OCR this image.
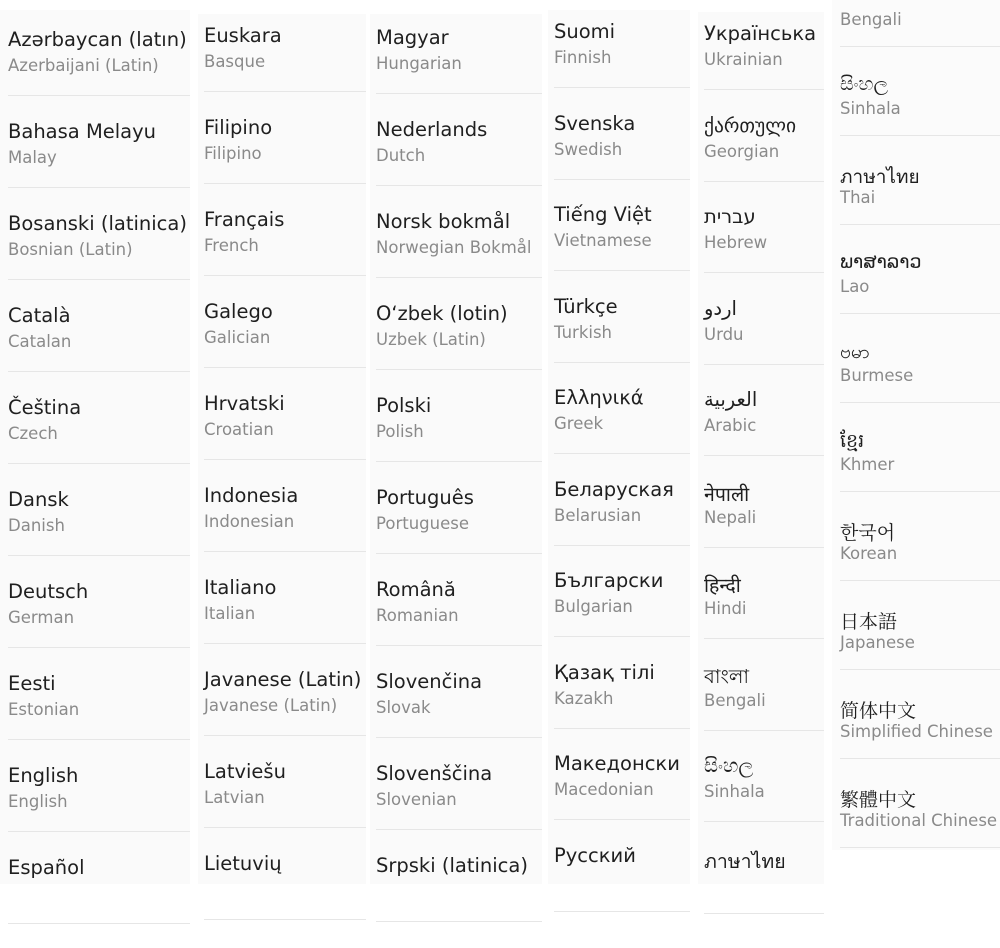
Azərbaycan (latın)
Azerbaijani (Latin)
Bahasa Melayu
Malay
Bosanski (latinica)
Bosnian (Latin)
Català
Catalan
Čeština
Czech
Dansk
Danish
Deutsch
German
Eesti
Estonian
English
English
Español
Euskara
Basque
Filipino
Filipino
Français
French
Galego
Galician
Hrvatski
Croatian
Indonesia
Indonesian
Italiano
Italian
Javanese (Latin)
Javanese (Latin)
Latviešu
Latvian
Lietuvių
Magyar
Hungarian
Nederlands
Dutch
Norsk bokmål
Norwegian Bokmål
O‘zbek (lotin)
Uzbek (Latin)
Polski
Polish
Português
Portuguese
Română
Romanian
Slovenčina
Slovak
Slovenščina
Slovenian
Srpski (latinica)
Suomi
Finnish
Svenska
Swedish
Tiếng Việt
Vietnamese
Türkçe
Turkish
Ελληνικά
Greek
Беларуская
Belarusian
Български
Bulgarian
Қазақ тілі
Kazakh
Македонски
Macedonian
Русский
Українська
Ukrainian
ქართული
Georgian
עברית
Hebrew
اردو
Urdu
العربية
Arabic
नेपाली
Nepali
हिन्दी
Hindi
বাংলা
Bengali
සිංහල
Sinhala
ภาษาไทย
Bengali
සිංහල
Sinhala
ภาษาไทย
Thai
ພາສາລາວ
Lao
ဗမာ
Burmese
ខ្មែរ
Khmer
한국어
Korean
日本語
Japanese
简体中文
Simplified Chinese
繁體中文
Traditional Chinese
